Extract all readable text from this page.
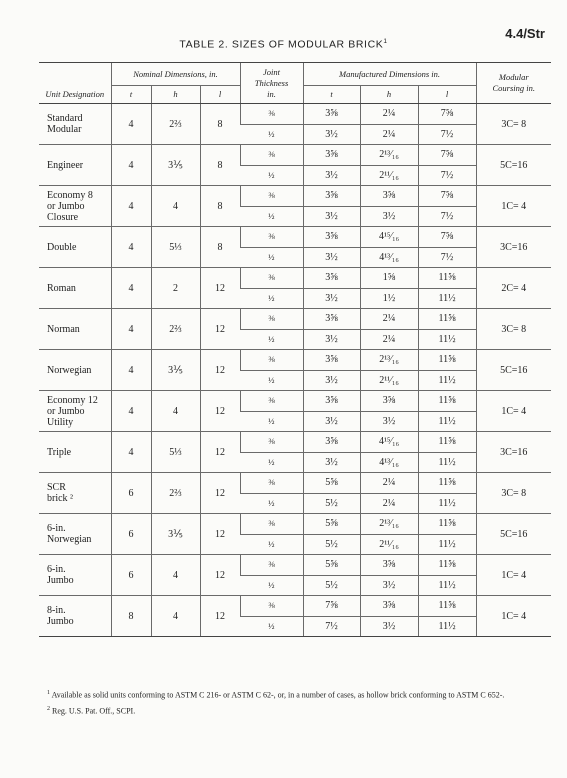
4.4/Str
TABLE 2. SIZES OF MODULAR BRICK$^1$
Unit Designation	Nominal Dimensions, in.			Joint Thickness in.	Manufactured Dimensions in.			Modular Coursing in.
	t	h	l		t	h	l	

Standard
Modular	4	2⅔	8	⅜	3⅝	2¼	7⅝	3C= 8
				½	3½	2¼	7½	

Engineer	4	3⅕	8	⅜	3⅝	2¹³⁄₁₆	7⅝	5C=16
				½	3½	2¹¹⁄₁₆	7½	

Economy 8
or Jumbo
Closure	4	4	8	⅜	3⅝	3⅝	7⅝	1C= 4
				½	3½	3½	7½	

Double	4	5⅓	8	⅜	3⅝	4¹⁵⁄₁₆	7⅝	3C=16
				½	3½	4¹³⁄₁₆	7½	

Roman	4	2	12	⅜	3⅝	1⅝	11⅝	2C= 4
				½	3½	1½	11½	

Norman	4	2⅔	12	⅜	3⅝	2¼	11⅝	3C= 8
				½	3½	2¼	11½	

Norwegian	4	3⅕	12	⅜	3⅝	2¹³⁄₁₆	11⅝	5C=16
				½	3½	2¹¹⁄₁₆	11½	

Economy 12
or Jumbo
Utility	4	4	12	⅜	3⅝	3⅝	11⅝	1C= 4
				½	3½	3½	11½	

Triple	4	5⅓	12	⅜	3⅝	4¹⁵⁄₁₆	11⅝	3C=16
				½	3½	4¹³⁄₁₆	11½	

SCR
brick ²	6	2⅔	12	⅜	5⅝	2¼	11⅝	3C= 8
				½	5½	2¼	11½	

6-in.
Norwegian	6	3⅕	12	⅜	5⅝	2¹³⁄₁₆	11⅝	5C=16
				½	5½	2¹¹⁄₁₆	11½	

6-in.
Jumbo	6	4	12	⅜	5⅝	3⅝	11⅝	1C= 4
				½	5½	3½	11½	

8-in.
Jumbo	8	4	12	⅜	7⅝	3⅝	11⅝	1C= 4
				½	7½	3½	11½	

$^1$ Available as solid units conforming to ASTM C 216- or ASTM C 62-, or, in a number of cases, as hollow brick conforming to ASTM C 652-.

$^2$ Reg. U.S. Pat. Off., SCPI.
